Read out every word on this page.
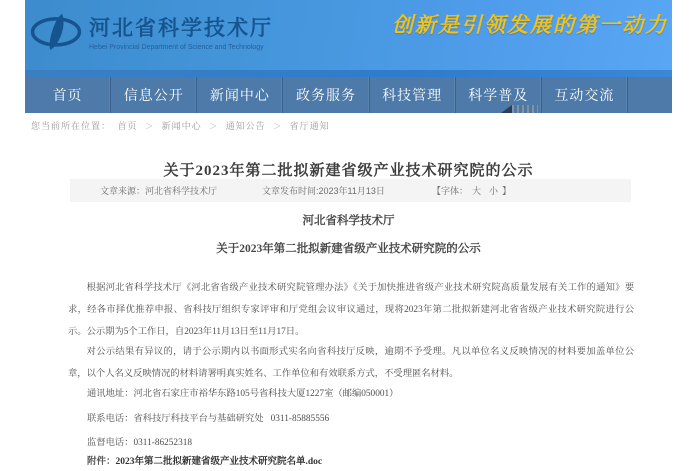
河北省科学技术厅
Hebei Provincial Department of Science and Technology
创新是引领发展的第一动力
首页	信息公开	新闻中心	政务服务	科技管理	科学普及	互动交流
您当前所在位置： 首页 ＞ 新闻中心 ＞ 通知公告 ＞ 省厅通知
关于2023年第二批拟新建省级产业技术研究院的公示
文章来源：河北省科学技术厅	文章发布时间:2023年11月13日	【字体： 大 小 】
河北省科学技术厅
关于2023年第二批拟新建省级产业技术研究院的公示

根据河北省科学技术厅《河北省省级产业技术研究院管理办法》《关于加快推进省级产业技术研究院高质量发展有关工作的通知》要求，经各市择优推荐申报、省科技厅组织专家评审和厅党组会议审议通过，现将2023年第二批拟新建河北省省级产业技术研究院进行公示。公示期为5个工作日，自2023年11月13日至11月17日。

对公示结果有异议的，请于公示期内以书面形式实名向省科技厅反映，逾期不予受理。凡以单位名义反映情况的材料要加盖单位公章，以个人名义反映情况的材料请署明真实姓名、工作单位和有效联系方式，不受理匿名材料。

通讯地址：河北省石家庄市裕华东路105号省科技大厦1227室（邮编050001）
联系电话：省科技厅科技平台与基础研究处   0311-85885556
监督电话：0311-86252318
附件：2023年第二批拟新建省级产业技术研究院名单.doc
